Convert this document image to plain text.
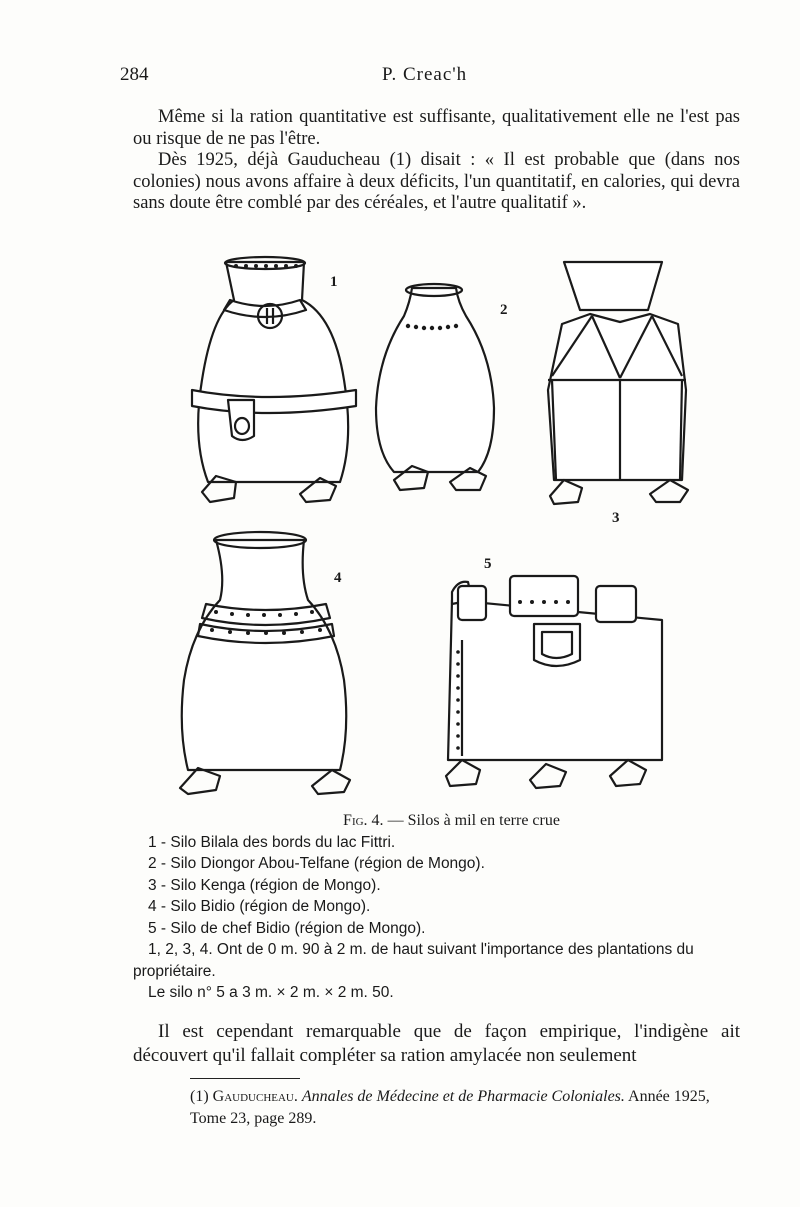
284	P. Creac'h

Même si la ration quantitative est suffisante, qualitativement elle ne l'est pas ou risque de ne pas l'être.

Dès 1925, déjà Gauducheau (1) disait : « Il est probable que (dans nos colonies) nous avons affaire à deux déficits, l'un quantitatif, en calories, qui devra sans doute être comblé par des céréales, et l'autre qualitatif ».

1
2
3
4
5
Fig. 4. — Silos à mil en terre crue
1 - Silo Bilala des bords du lac Fittri.
2 - Silo Diongor Abou-Telfane (région de Mongo).
3 - Silo Kenga (région de Mongo).
4 - Silo Bidio (région de Mongo).
5 - Silo de chef Bidio (région de Mongo).
1, 2, 3, 4. Ont de 0 m. 90 à 2 m. de haut suivant l'importance des plantations du propriétaire.
Le silo n° 5 a 3 m. × 2 m. × 2 m. 50.

Il est cependant remarquable que de façon empirique, l'indigène ait découvert qu'il fallait compléter sa ration amylacée non seulement

(1) Gauducheau. Annales de Médecine et de Pharmacie Coloniales. Année 1925, Tome 23, page 289.
